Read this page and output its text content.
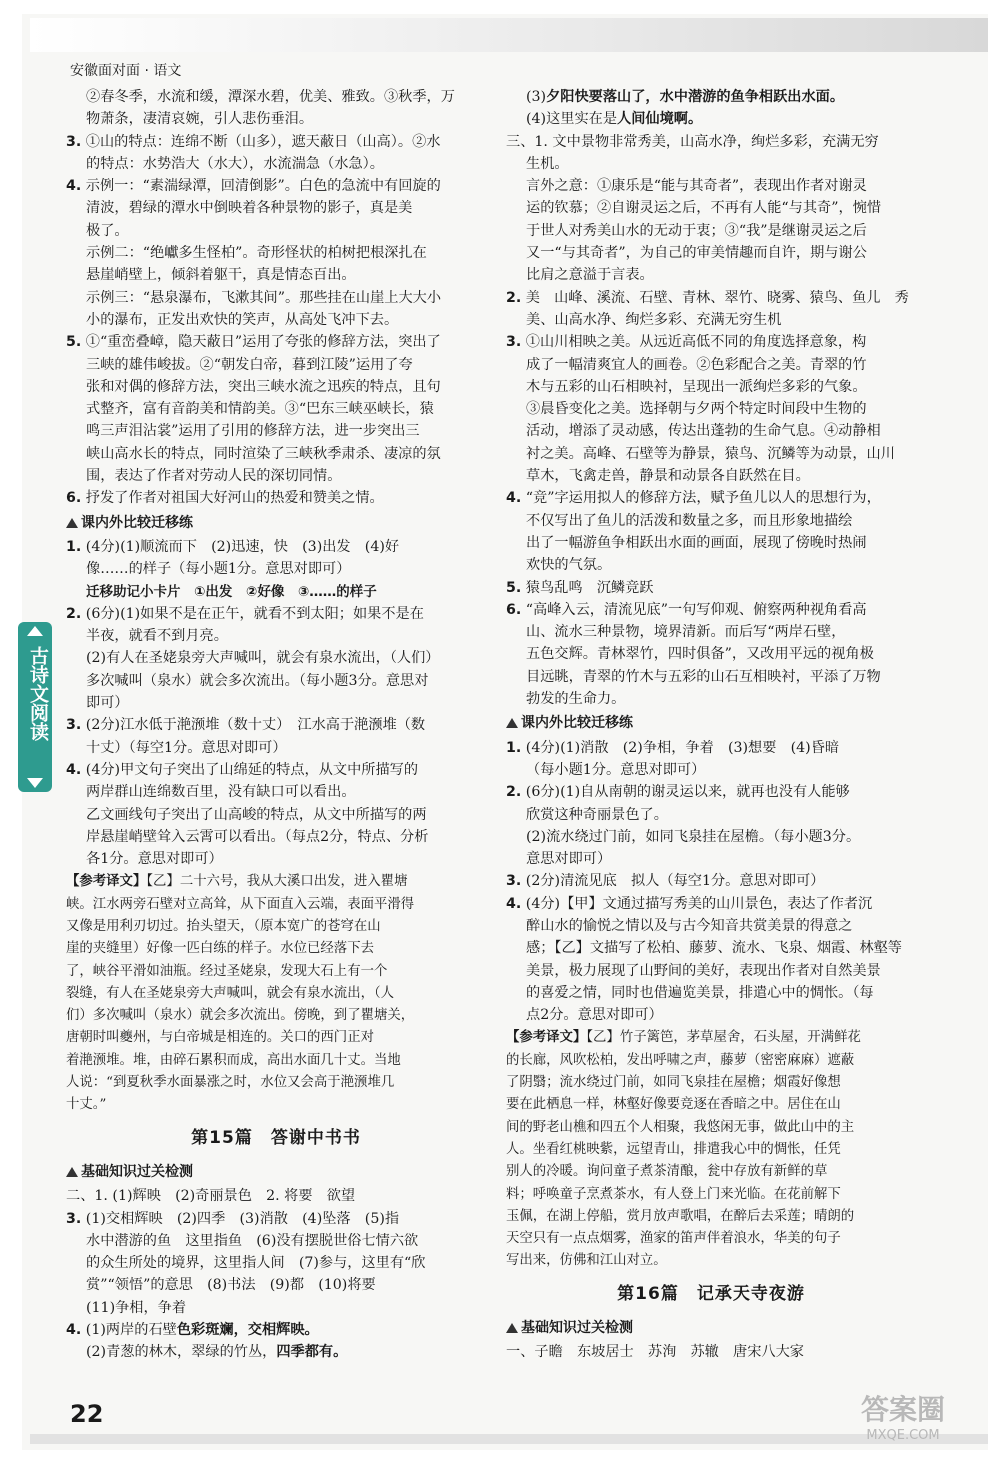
安徽面对面 · 语文
古诗文阅读
②春冬季，水流和缓，潭深水碧，优美、雅致。③秋季，万
物萧条，凄清哀婉，引人悲伤垂泪。
3. ①山的特点：连绵不断（山多），遮天蔽日（山高）。②水
的特点：水势浩大（水大），水流湍急（水急）。
4. 示例一：“素湍绿潭，回清倒影”。白色的急流中有回旋的
清波，碧绿的潭水中倒映着各种景物的影子，真是美
极了。
示例二：“绝巘多生怪柏”。奇形怪状的柏树把根深扎在
悬崖峭壁上，倾斜着躯干，真是情态百出。
示例三：“悬泉瀑布，飞漱其间”。那些挂在山崖上大大小
小的瀑布，正发出欢快的笑声，从高处飞冲下去。
5. ①“重峦叠嶂，隐天蔽日”运用了夸张的修辞方法，突出了
三峡的雄伟峻拔。②“朝发白帝，暮到江陵”运用了夸
张和对偶的修辞方法，突出三峡水流之迅疾的特点，且句
式整齐，富有音韵美和情韵美。③“巴东三峡巫峡长，猿
鸣三声泪沾裳”运用了引用的修辞方法，进一步突出三
峡山高水长的特点，同时渲染了三峡秋季肃杀、凄凉的氛
围，表达了作者对劳动人民的深切同情。
6. 抒发了作者对祖国大好河山的热爱和赞美之情。
课内外比较迁移练
1. (4分)(1)顺流而下　(2)迅速，快　(3)出发　(4)好
像……的样子（每小题1分。意思对即可）
迁移助记小卡片　①出发　②好像　③……的样子
2. (6分)(1)如果不是在正午，就看不到太阳；如果不是在
半夜，就看不到月亮。
(2)有人在圣姥泉旁大声喊叫，就会有泉水流出，（人们）
多次喊叫（泉水）就会多次流出。（每小题3分。意思对
即可）
3. (2分)江水低于滟滪堆（数十丈）　江水高于滟滪堆（数
十丈）（每空1分。意思对即可）
4. (4分)甲文句子突出了山绵延的特点，从文中所描写的
两岸群山连绵数百里，没有缺口可以看出。
乙文画线句子突出了山高峻的特点，从文中所描写的两
岸悬崖峭壁耸入云霄可以看出。（每点2分，特点、分析
各1分。意思对即可）
【参考译文】【乙】二十六号，我从大溪口出发，进入瞿塘
峡。江水两旁石壁对立高耸，从下面直入云端，表面平滑得
又像是用利刃切过。抬头望天，（原本宽广的苍穹在山
崖的夹缝里）好像一匹白练的样子。水位已经落下去
了，峡谷平滑如油瓶。经过圣姥泉，发现大石上有一个
裂缝，有人在圣姥泉旁大声喊叫，就会有泉水流出，（人
们）多次喊叫（泉水）就会多次流出。傍晚，到了瞿塘关，
唐朝时叫夔州，与白帝城是相连的。关口的西门正对
着滟滪堆。堆，由碎石累积而成，高出水面几十丈。当地
人说：“到夏秋季水面暴涨之时，水位又会高于滟滪堆几
十丈。”
第15篇　答谢中书书
基础知识过关检测
二、1. (1)辉映　(2)奇丽景色　2. 将要　欲望
3. (1)交相辉映　(2)四季　(3)消散　(4)坠落　(5)指
水中潜游的鱼　这里指鱼　(6)没有摆脱世俗七情六欲
的众生所处的境界，这里指人间　(7)参与，这里有“欣
赏”“领悟”的意思　(8)书法　(9)都　(10)将要
(11)争相，争着
4. (1)两岸的石壁色彩斑斓，交相辉映。
(2)青葱的林木，翠绿的竹丛，四季都有。
(3)夕阳快要落山了，水中潜游的鱼争相跃出水面。
(4)这里实在是人间仙境啊。
三、1. 文中景物非常秀美，山高水净，绚烂多彩，充满无穷
生机。
言外之意：①康乐是“能与其奇者”，表现出作者对谢灵
运的钦慕；②自谢灵运之后，不再有人能“与其奇”，惋惜
于世人对秀美山水的无动于衷；③“我”是继谢灵运之后
又一“与其奇者”，为自己的审美情趣而自许，期与谢公
比肩之意溢于言表。
2. 美　山峰、溪流、石壁、青林、翠竹、晓雾、猿鸟、鱼儿　秀
美、山高水净、绚烂多彩、充满无穷生机
3. ①山川相映之美。从远近高低不同的角度选择意象，构
成了一幅清爽宜人的画卷。②色彩配合之美。青翠的竹
木与五彩的山石相映衬，呈现出一派绚烂多彩的气象。
③晨昏变化之美。选择朝与夕两个特定时间段中生物的
活动，增添了灵动感，传达出蓬勃的生命气息。④动静相
衬之美。高峰、石壁等为静景，猿鸟、沉鳞等为动景，山川
草木，飞禽走兽，静景和动景各自跃然在目。
4. “竞”字运用拟人的修辞方法，赋予鱼儿以人的思想行为，
不仅写出了鱼儿的活泼和数量之多，而且形象地描绘
出了一幅游鱼争相跃出水面的画面，展现了傍晚时热闹
欢快的气氛。
5. 猿鸟乱鸣　沉鳞竞跃
6. “高峰入云，清流见底”一句写仰观、俯察两种视角看高
山、流水三种景物，境界清新。而后写“两岸石壁，
五色交辉。青林翠竹，四时俱备”，又改用平远的视角极
目远眺，青翠的竹木与五彩的山石互相映衬，平添了万物
勃发的生命力。
课内外比较迁移练
1. (4分)(1)消散　(2)争相，争着　(3)想要　(4)昏暗
（每小题1分。意思对即可）
2. (6分)(1)自从南朝的谢灵运以来，就再也没有人能够
欣赏这种奇丽景色了。
(2)流水绕过门前，如同飞泉挂在屋檐。（每小题3分。
意思对即可）
3. (2分)清流见底　拟人（每空1分。意思对即可）
4. (4分)【甲】文通过描写秀美的山川景色，表达了作者沉
醉山水的愉悦之情以及与古今知音共赏美景的得意之
感；【乙】文描写了松柏、藤萝、流水、飞泉、烟霞、林壑等
美景，极力展现了山野间的美好，表现出作者对自然美景
的喜爱之情，同时也借遍览美景，排遣心中的惆怅。（每
点2分。意思对即可）
【参考译文】【乙】竹子篱笆，茅草屋舍，石头屋，开满鲜花
的长廊，风吹松柏，发出呼啸之声，藤萝（密密麻麻）遮蔽
了阴翳；流水绕过门前，如同飞泉挂在屋檐；烟霞好像想
要在此栖息一样，林壑好像要竞逐在香暗之中。居住在山
间的野老山樵和四五个人相聚，我悠闲无事，做此山中的主
人。坐看红桃映紫，远望青山，排遣我心中的惆怅，任凭
别人的冷暖。询问童子煮茶清酿，瓮中存放有新鲜的草
料；呼唤童子烹煮茶水，有人登上门来光临。在花前解下
玉佩，在湖上停船，赏月放声歌唱，在醉后去采莲；晴朗的
天空只有一点点烟雾，渔家的笛声伴着浪水，华美的句子
写出来，仿佛和江山对立。
第16篇　记承天寺夜游
基础知识过关检测
一、子瞻　东坡居士　苏洵　苏辙　唐宋八大家
22	答案圈
MXQE.COM
